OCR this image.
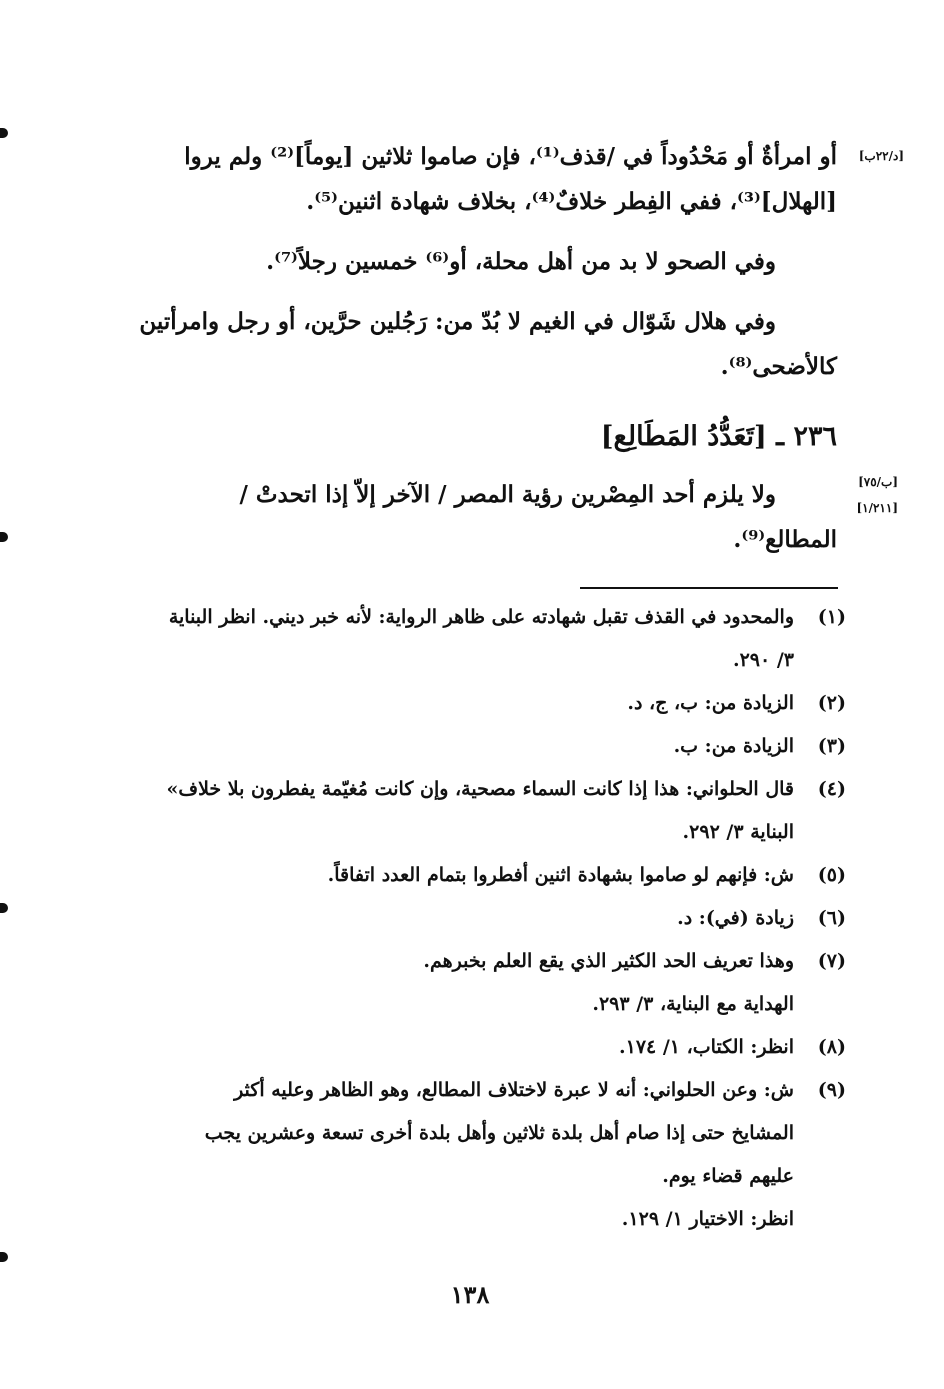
[د/٢٢ب]
[ب/٧٥]
[١/٢١١]
أو امرأةٌ أو مَحْدُوداً في /قذف⁽¹⁾، فإن صاموا ثلاثين [يوماً]⁽²⁾ ولم يروا
[الهلال]⁽³⁾، ففي الفِطر خلافٌ⁽⁴⁾، بخلاف شهادة اثنين⁽⁵⁾.
وفي الصحو لا بد من أهل محلة، أو⁽⁶⁾ خمسين رجلاً⁽⁷⁾.
وفي هلال شَوّال في الغيم لا بُدّ من: رَجُلين حرَّين، أو رجل وامرأتين
كالأضحى⁽⁸⁾.
٢٣٦ ـ [تَعَدُّدُ المَطَالِع]
ولا يلزم أحد المِصْرين رؤية المصر / الآخر إلاّ إذا اتحدتْ /
المطالع⁽⁹⁾.
(١)
والمحدود في القذف تقبل شهادته على ظاهر الرواية: لأنه خبر ديني. انظر البناية
٣/ ٢٩٠.
(٢)
الزيادة من: ب، ج، د.
(٣)
الزيادة من: ب.
(٤)
قال الحلواني: هذا إذا كانت السماء مصحية، وإن كانت مُغيّمة يفطرون بلا خلاف»
البناية ٣/ ٢٩٢.
(٥)
ش: فإنهم لو صاموا بشهادة اثنين أفطروا بتمام العدد اتفاقاً.
(٦)
زيادة (في): د.
(٧)
وهذا تعريف الحد الكثير الذي يقع العلم بخبرهم.
الهداية مع البناية، ٣/ ٢٩٣.
(٨)
انظر: الكتاب، ١/ ١٧٤.
(٩)
ش: وعن الحلواني: أنه لا عبرة لاختلاف المطالع، وهو الظاهر وعليه أكثر
المشايخ حتى إذا صام أهل بلدة ثلاثين وأهل بلدة أخرى تسعة وعشرين يجب
عليهم قضاء يوم.
انظر: الاختيار ١/ ١٢٩.
١٣٨
